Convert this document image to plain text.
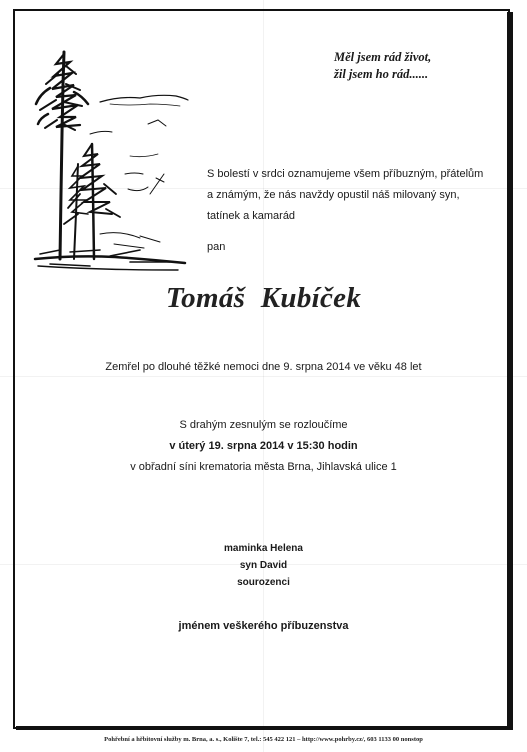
Měl jsem rád život,
žil jsem ho rád......
S bolestí v srdci oznamujeme všem příbuzným, přátelům
a známým, že nás navždy opustil náš milovaný syn,
tatínek a kamarád
pan
Tomáš Kubíček
Zemřel po dlouhé těžké nemoci dne 9. srpna 2014 ve věku 48 let
S drahým zesnulým se rozloučíme
v úterý 19. srpna 2014 v 15:30 hodin
v obřadní síni krematoria města Brna, Jihlavská ulice 1
maminka Helena
syn David
sourozenci
jménem veškerého příbuzenstva
Pohřební a hřbitovní služby m. Brna, a. s., Kolište 7, tel.: 545 422 121 – http://www.pohrby.cz/, 603 1133 00 nonstop
